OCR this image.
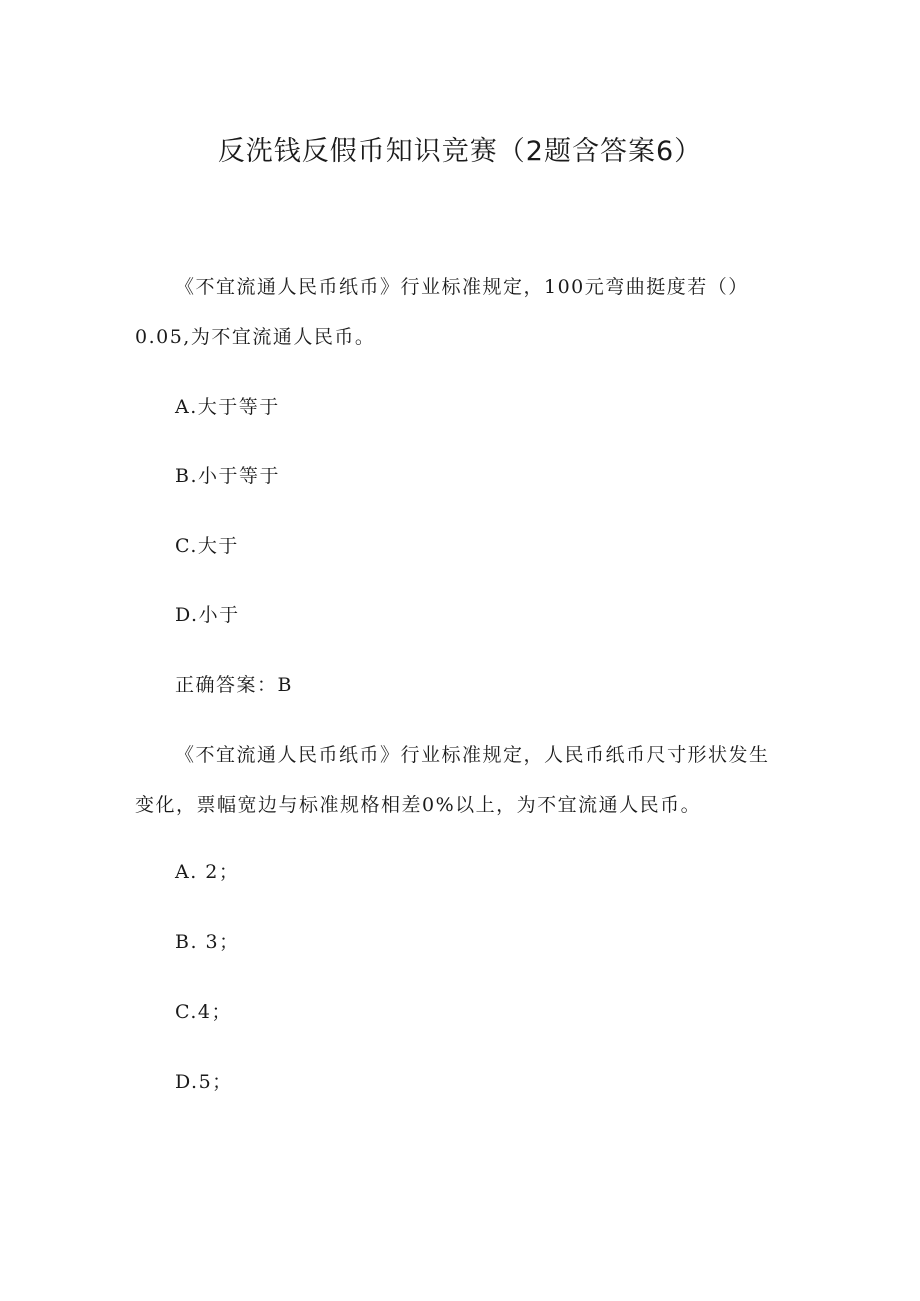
反洗钱反假币知识竞赛（2题含答案6）
《不宜流通人民币纸币》行业标准规定，100元弯曲挺度若（）
0.05,为不宜流通人民币。
A.大于等于
B.小于等于
C.大于
D.小于
正确答案：B
《不宜流通人民币纸币》行业标准规定，人民币纸币尺寸形状发生
变化，票幅宽边与标准规格相差0%以上，为不宜流通人民币。
A. 2；
B. 3；
C.4；
D.5；
